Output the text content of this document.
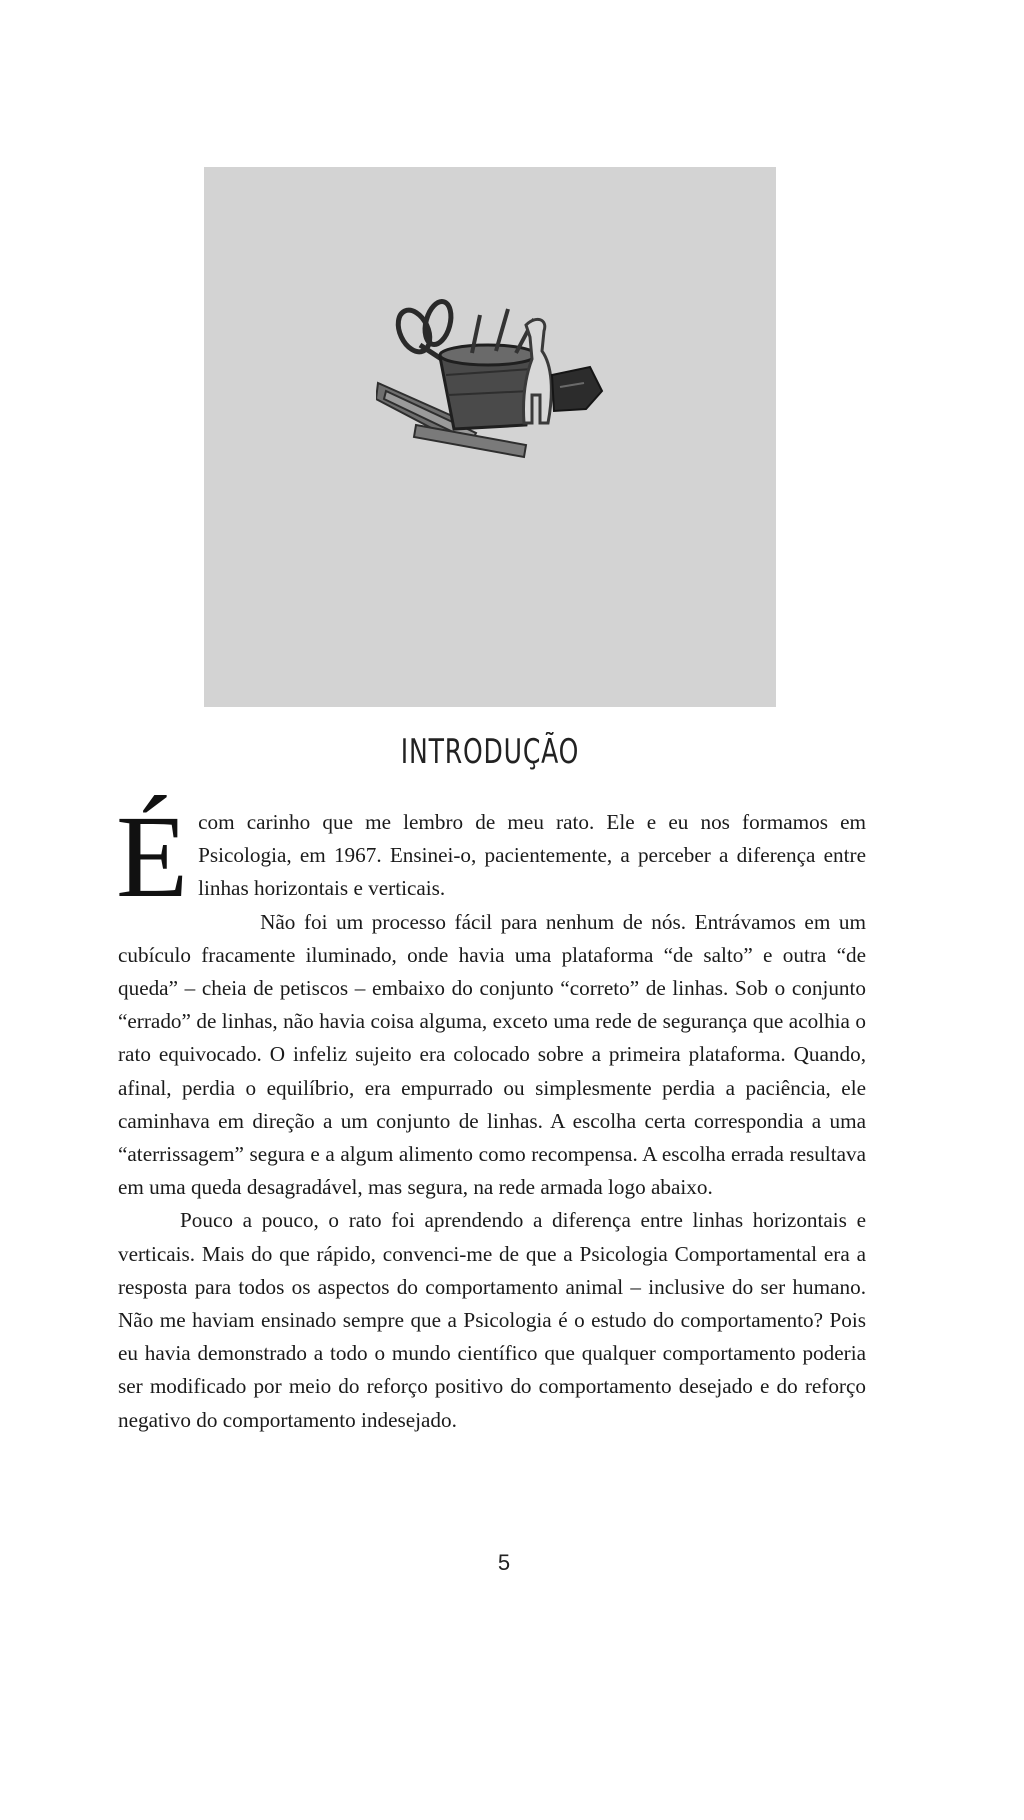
INTRODUÇÃO

É com carinho que me lembro de meu rato. Ele e eu nos formamos em Psicologia, em 1967. Ensinei-o, pacientemente, a perceber a diferença entre linhas horizontais e verticais.

Não foi um processo fácil para nenhum de nós. Entrávamos em um cubículo fracamente iluminado, onde havia uma plataforma “de salto” e outra “de queda” – cheia de petiscos – embaixo do conjunto “correto” de linhas. Sob o conjunto “errado” de linhas, não havia coisa alguma, exceto uma rede de segurança que acolhia o rato equivocado. O infeliz sujeito era colocado sobre a primeira plataforma. Quando, afinal, perdia o equilíbrio, era empurrado ou simplesmente perdia a paciência, ele caminhava em direção a um conjunto de linhas. A escolha certa correspondia a uma “aterrissagem” segura e a algum alimento como recompensa. A escolha errada resultava em uma queda desagradável, mas segura, na rede armada logo abaixo.

Pouco a pouco, o rato foi aprendendo a diferença entre linhas horizontais e verticais. Mais do que rápido, convenci-me de que a Psicologia Comportamental era a resposta para todos os aspectos do comportamento animal – inclusive do ser humano. Não me haviam ensinado sempre que a Psicologia é o estudo do comportamento? Pois eu havia demonstrado a todo o mundo científico que qualquer comportamento poderia ser modificado por meio do reforço positivo do comportamento desejado e do reforço negativo do comportamento indesejado.

5
